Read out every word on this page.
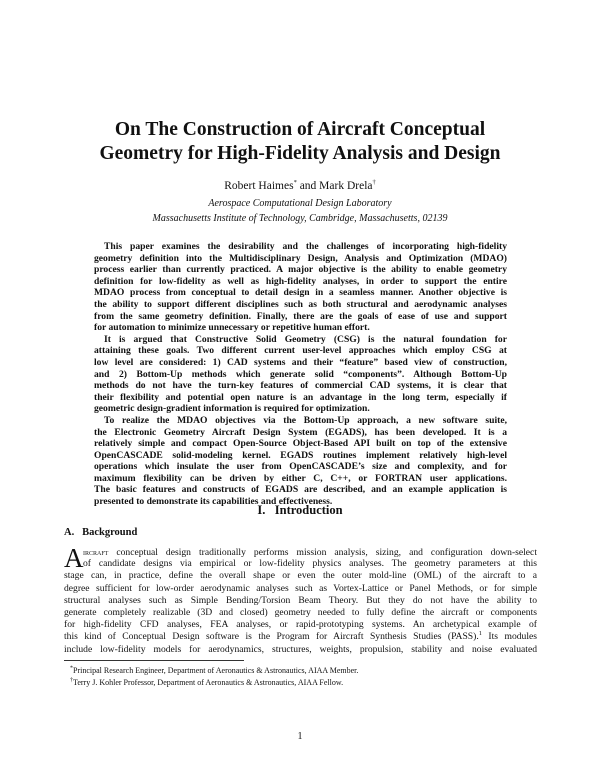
On The Construction of Aircraft Conceptual
Geometry for High-Fidelity Analysis and Design
Robert Haimes* and Mark Drela†
Aerospace Computational Design Laboratory
Massachusetts Institute of Technology, Cambridge, Massachusetts, 02139
This paper examines the desirability and the challenges of incorporating high-fidelity
geometry definition into the Multidisciplinary Design, Analysis and Optimization (MDAO)
process earlier than currently practiced. A major objective is the ability to enable geometry
definition for low-fidelity as well as high-fidelity analyses, in order to support the entire
MDAO process from conceptual to detail design in a seamless manner. Another objective is
the ability to support different disciplines such as both structural and aerodynamic analyses
from the same geometry definition. Finally, there are the goals of ease of use and support
for automation to minimize unnecessary or repetitive human effort.
It is argued that Constructive Solid Geometry (CSG) is the natural foundation for
attaining these goals. Two different current user-level approaches which employ CSG at
low level are considered: 1) CAD systems and their “feature” based view of construction,
and 2) Bottom-Up methods which generate solid “components”. Although Bottom-Up
methods do not have the turn-key features of commercial CAD systems, it is clear that
their flexibility and potential open nature is an advantage in the long term, especially if
geometric design-gradient information is required for optimization.
To realize the MDAO objectives via the Bottom-Up approach, a new software suite,
the Electronic Geometry Aircraft Design System (EGADS), has been developed. It is a
relatively simple and compact Open-Source Object-Based API built on top of the extensive
OpenCASCADE solid-modeling kernel. EGADS routines implement relatively high-level
operations which insulate the user from OpenCASCADE’s size and complexity, and for
maximum flexibility can be driven by either C, C++, or FORTRAN user applications.
The basic features and constructs of EGADS are described, and an example application is
presented to demonstrate its capabilities and effectiveness.
I.   Introduction
A.   Background
A ircraft conceptual design traditionally performs mission analysis, sizing, and configuration down-select
of candidate designs via empirical or low-fidelity physics analyses. The geometry parameters at this
stage can, in practice, define the overall shape or even the outer mold-line (OML) of the aircraft to a
degree sufficient for low-order aerodynamic analyses such as Vortex-Lattice or Panel Methods, or for simple
structural analyses such as Simple Bending/Torsion Beam Theory. But they do not have the ability to
generate completely realizable (3D and closed) geometry needed to fully define the aircraft or components
for high-fidelity CFD analyses, FEA analyses, or rapid-prototyping systems. An archetypical example of
this kind of Conceptual Design software is the Program for Aircraft Synthesis Studies (PASS).$^1$ Its modules
include low-fidelity models for aerodynamics, structures, weights, propulsion, stability and noise evaluated
*Principal Research Engineer, Department of Aeronautics & Astronautics, AIAA Member.
†Terry J. Kohler Professor, Department of Aeronautics & Astronautics, AIAA Fellow.
1
